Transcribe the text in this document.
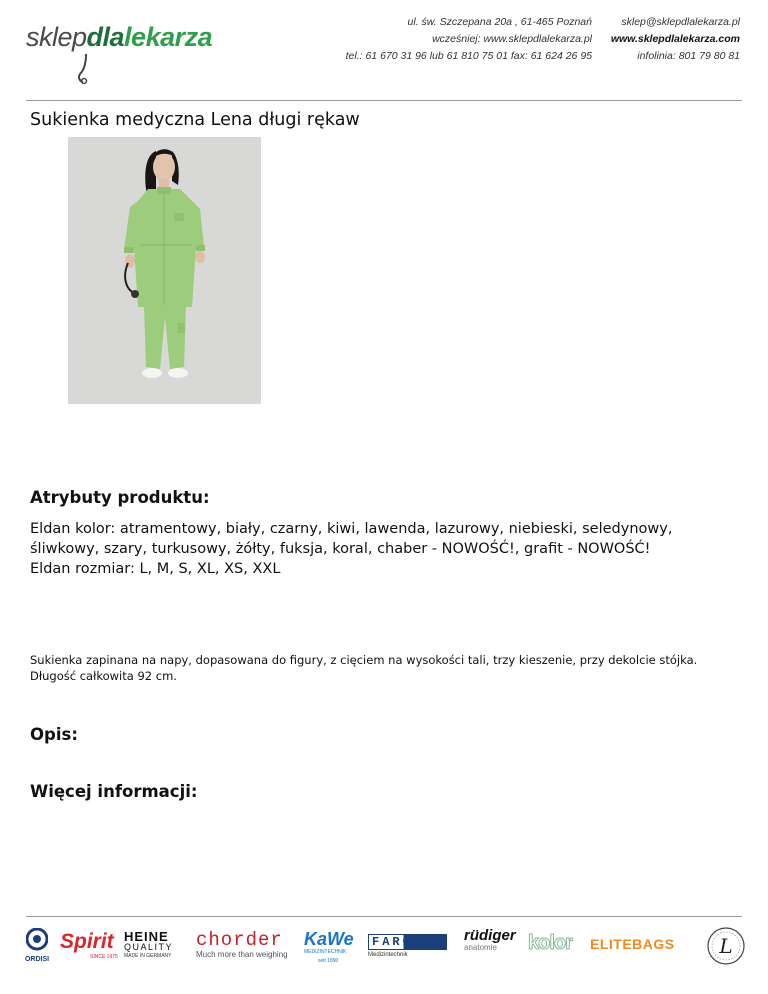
sklepdlalekarza	ul. św. Szczepana 20a , 61-465 Poznań
wcześniej: www.sklepdlalekarza.pl
tel.: 61 670 31 96 lub 61 810 75 01 fax: 61 624 26 95
sklep@sklepdlalekarza.pl
www.sklepdlalekarza.com
infolinia: 801 79 80 81
Sukienka medyczna Lena długi rękaw
Atrybuty produktu:
Eldan kolor: atramentowy, biały, czarny, kiwi, lawenda, lazurowy, niebieski, seledynowy, śliwkowy, szary, turkusowy, żółty, fuksja, koral, chaber - NOWOŚĆ!, grafit - NOWOŚĆ!
Eldan rozmiar: L, M, S, XL, XS, XXL
Sukienka zapinana na napy, dopasowana do figury, z cięciem na wysokości tali, trzy kieszenie, przy dekolcie stójka. Długość całkowita 92 cm.
Opis:
Więcej informacji:
ORDISI
Spirit
SINCE 1975
HEINE
QUALITY
MADE IN GERMANY
chorder
Much more than weighing
KaWe
MEDIZINTECHNIK
seit 1890
FAROMED
Medizintechnik
rüdiger
anatomie	kolor ELITEBAGS	L
